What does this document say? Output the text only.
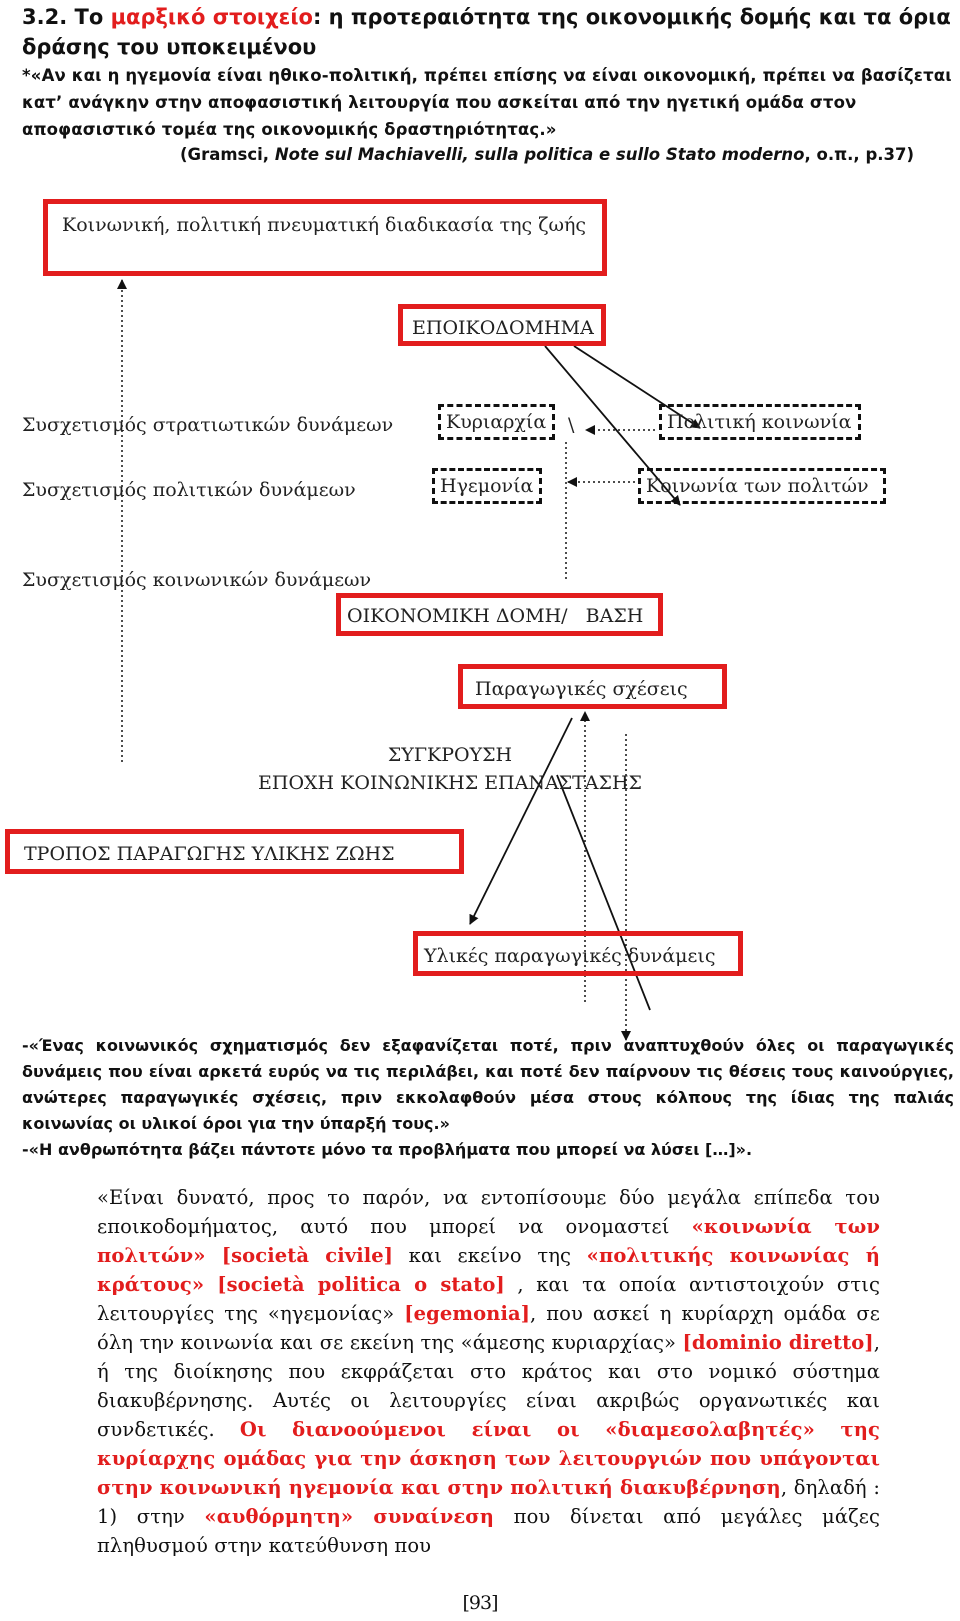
3.2. Το μαρξικό στοιχείο: η προτεραιότητα της οικονομικής δομής και τα όρια δράσης του υποκειμένου
*«Αν και η ηγεμονία είναι ηθικο-πολιτική, πρέπει επίσης να είναι οικονομική, πρέπει να βασίζεται κατ’ ανάγκην στην αποφασιστική λειτουργία που ασκείται από την ηγετική ομάδα στον αποφασιστικό τομέα της οικονομικής δραστηριότητας.»
(Gramsci, Note sul Machiavelli, sulla politica e sullo Stato moderno, ο.π., p.37)
Κοινωνική, πολιτική πνευματική διαδικασία της ζωής
ΕΠΟΙΚΟΔΟΜΗΜΑ
Συσχετισμός στρατιωτικών δυνάμεων	Κυριαρχία	\	Πολιτική κοινωνία
Συσχετισμός πολιτικών δυνάμεων	Ηγεμονία	Κοινωνία των πολιτών
Συσχετισμός κοινωνικών δυνάμεων
ΟΙΚΟΝΟΜΙΚΗ ΔΟΜΗ/   ΒΑΣΗ
Παραγωγικές σχέσεις
ΣΥΓΚΡΟΥΣΗ
ΕΠΟΧΗ ΚΟΙΝΩΝΙΚΗΣ ΕΠΑΝΑΣΤΑΣΗΣ
ΤΡΟΠΟΣ ΠΑΡΑΓΩΓΗΣ ΥΛΙΚΗΣ ΖΩΗΣ
Υλικές παραγωγικές δυνάμεις

-«Ένας κοινωνικός σχηματισμός δεν εξαφανίζεται ποτέ, πριν αναπτυχθούν όλες οι παραγωγικές δυνάμεις που είναι αρκετά ευρύς να τις περιλάβει, και ποτέ δεν παίρνουν τις θέσεις τους καινούργιες, ανώτερες παραγωγικές σχέσεις, πριν εκκολαφθούν μέσα στους κόλπους της ίδιας της παλιάς κοινωνίας οι υλικοί όροι για την ύπαρξή τους.»

-«Η ανθρωπότητα βάζει πάντοτε μόνο τα προβλήματα που μπορεί να λύσει […]».

«Είναι δυνατό, προς το παρόν, να εντοπίσουμε δύο μεγάλα επίπεδα του εποικοδομήματος, αυτό που μπορεί να ονομαστεί «κοινωνία των πολιτών» [società civile] και εκείνο της «πολιτικής κοινωνίας ή κράτους» [società politica o stato] , και τα οποία αντιστοιχούν στις λειτουργίες της «ηγεμονίας» [egemonia], που ασκεί η κυρίαρχη ομάδα σε όλη την κοινωνία και σε εκείνη της «άμεσης κυριαρχίας» [dominio diretto], ή της διοίκησης που εκφράζεται στο κράτος και στο νομικό σύστημα διακυβέρνησης. Αυτές οι λειτουργίες είναι ακριβώς οργανωτικές και συνδετικές. Οι διανοούμενοι είναι οι «διαμεσολαβητές» της κυρίαρχης ομάδας για την άσκηση των λειτουργιών που υπάγονται στην κοινωνική ηγεμονία και στην πολιτική διακυβέρνηση, δηλαδή : 1) στην «αυθόρμητη» συναίνεση που δίνεται από μεγάλες μάζες πληθυσμού στην κατεύθυνση που
[93]
